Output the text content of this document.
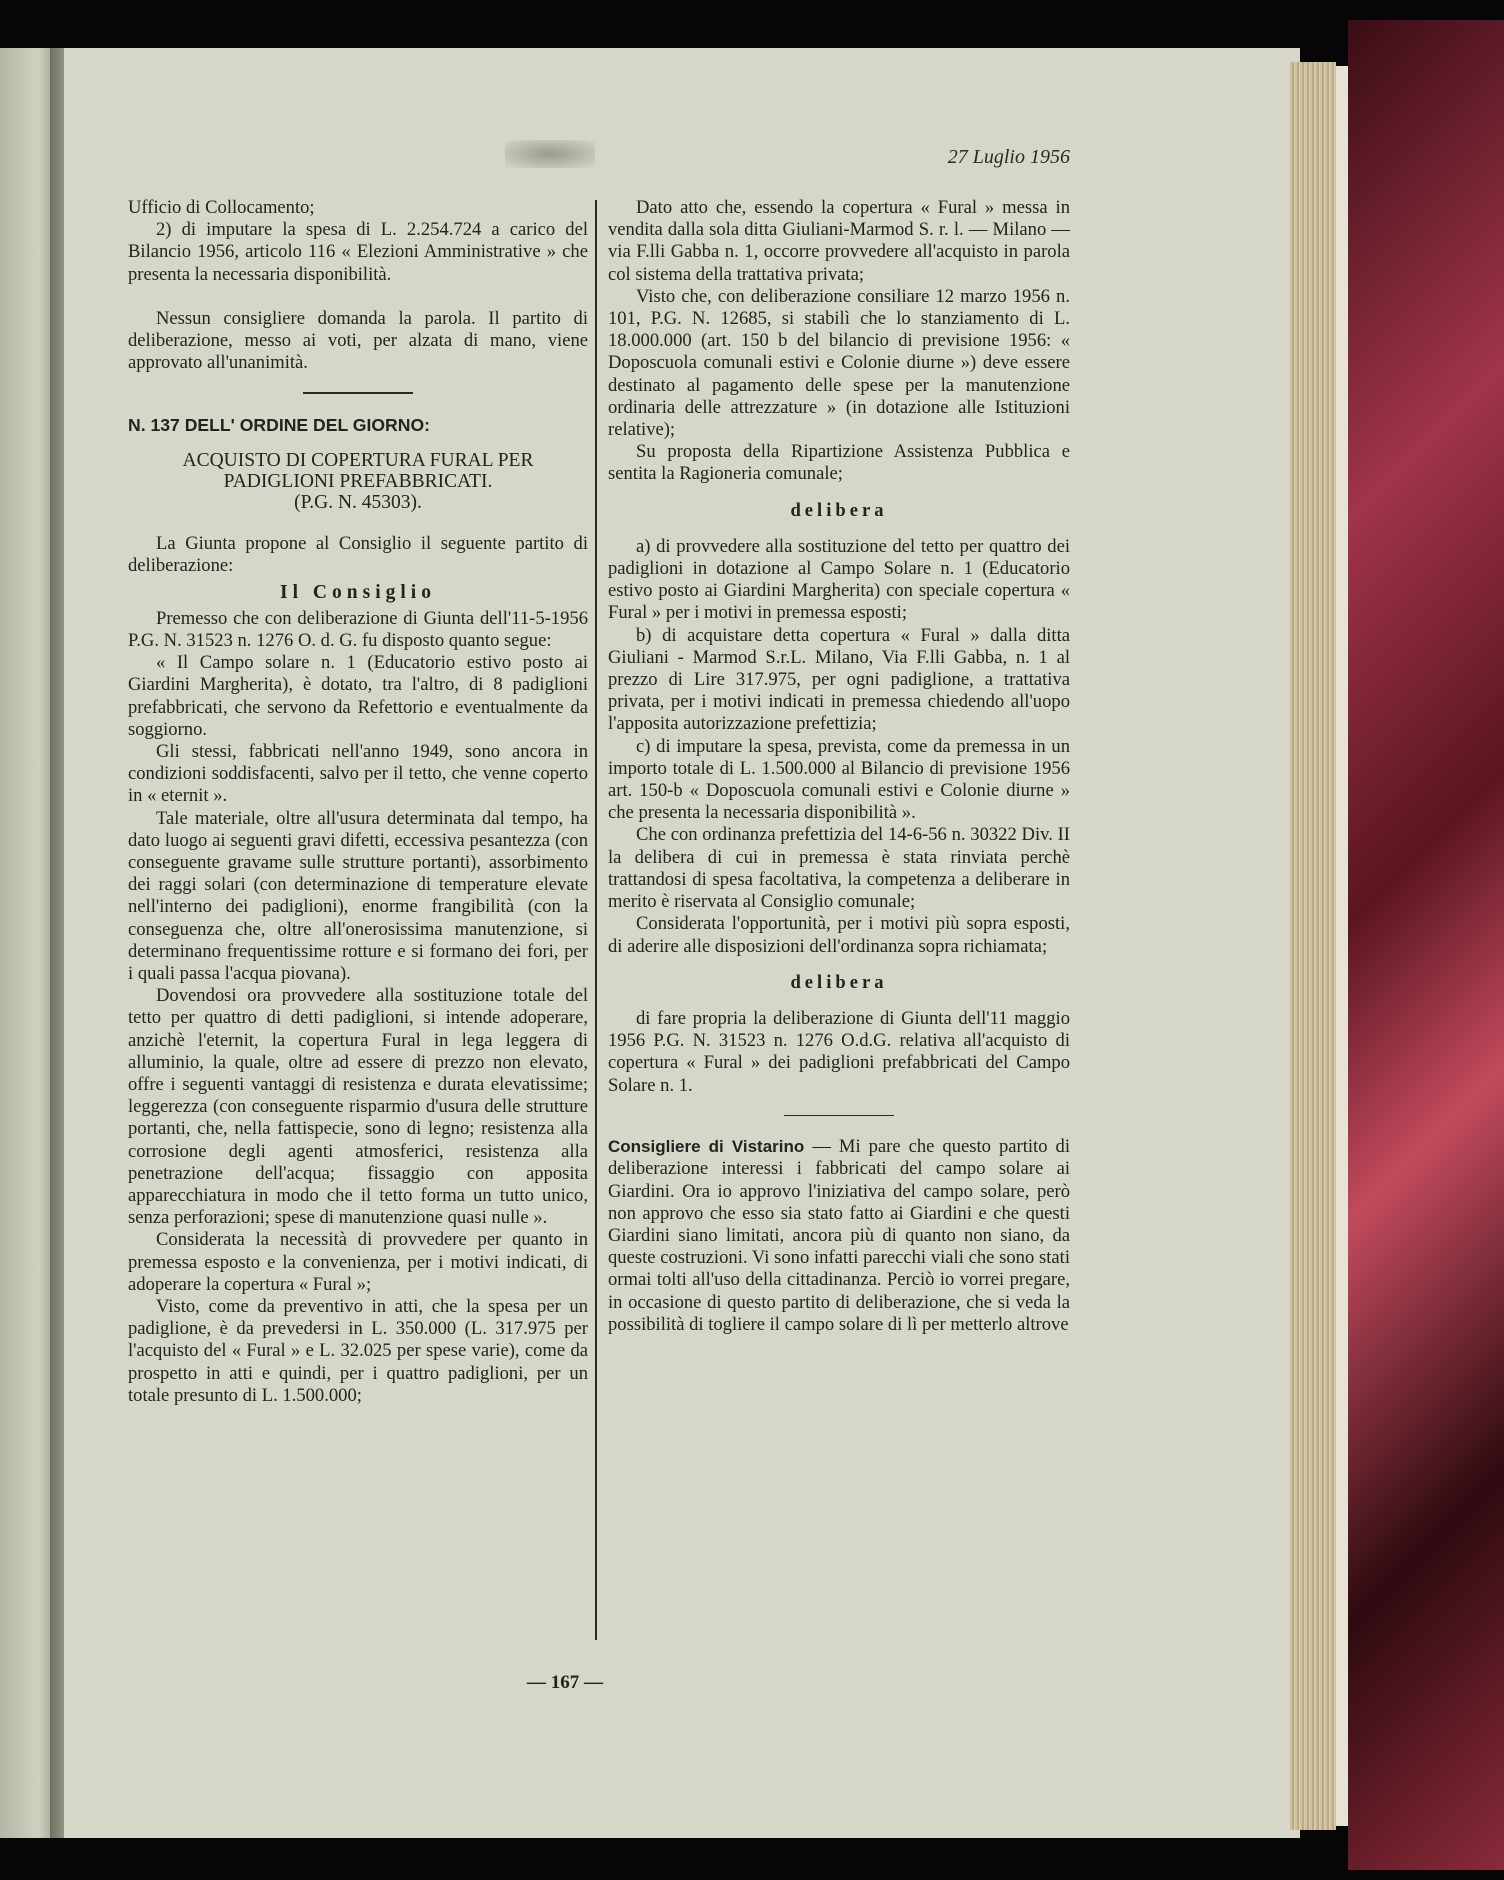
27 Luglio 1956

Ufficio di Collocamento;

2) di imputare la spesa di L. 2.254.724 a carico del Bilancio 1956, articolo 116 « Elezioni Amministrative » che presenta la necessaria disponibilità.

Nessun consigliere domanda la parola. Il partito di deliberazione, messo ai voti, per alzata di mano, viene approvato all'unanimità.

N. 137 DELL' ORDINE DEL GIORNO:

ACQUISTO DI COPERTURA FURAL PER
PADIGLIONI PREFABBRICATI.
(P.G. N. 45303).

La Giunta propone al Consiglio il seguente partito di deliberazione:

Il Consiglio

Premesso che con deliberazione di Giunta dell'11-5-1956 P.G. N. 31523 n. 1276 O. d. G. fu disposto quanto segue:

« Il Campo solare n. 1 (Educatorio estivo posto ai Giardini Margherita), è dotato, tra l'altro, di 8 padiglioni prefabbricati, che servono da Refettorio e eventualmente da soggiorno.

Gli stessi, fabbricati nell'anno 1949, sono ancora in condizioni soddisfacenti, salvo per il tetto, che venne coperto in « eternit ».

Tale materiale, oltre all'usura determinata dal tempo, ha dato luogo ai seguenti gravi difetti, eccessiva pesantezza (con conseguente gravame sulle strutture portanti), assorbimento dei raggi solari (con determinazione di temperature elevate nell'interno dei padiglioni), enorme frangibilità (con la conseguenza che, oltre all'onerosissima manutenzione, si determinano frequentissime rotture e si formano dei fori, per i quali passa l'acqua piovana).

Dovendosi ora provvedere alla sostituzione totale del tetto per quattro di detti padiglioni, si intende adoperare, anzichè l'eternit, la copertura Fural in lega leggera di alluminio, la quale, oltre ad essere di prezzo non elevato, offre i seguenti vantaggi di resistenza e durata elevatissime; leggerezza (con conseguente risparmio d'usura delle strutture portanti, che, nella fattispecie, sono di legno; resistenza alla corrosione degli agenti atmosferici, resistenza alla penetrazione dell'acqua; fissaggio con apposita apparecchiatura in modo che il tetto forma un tutto unico, senza perforazioni; spese di manutenzione quasi nulle ».

Considerata la necessità di provvedere per quanto in premessa esposto e la convenienza, per i motivi indicati, di adoperare la copertura « Fural »;

Visto, come da preventivo in atti, che la spesa per un padiglione, è da prevedersi in L. 350.000 (L. 317.975 per l'acquisto del « Fural » e L. 32.025 per spese varie), come da prospetto in atti e quindi, per i quattro padiglioni, per un totale presunto di L. 1.500.000;

Dato atto che, essendo la copertura « Fural » messa in vendita dalla sola ditta Giuliani-Marmod S. r. l. — Milano — via F.lli Gabba n. 1, occorre provvedere all'acquisto in parola col sistema della trattativa privata;

Visto che, con deliberazione consiliare 12 marzo 1956 n. 101, P.G. N. 12685, si stabilì che lo stanziamento di L. 18.000.000 (art. 150 b del bilancio di previsione 1956: « Doposcuola comunali estivi e Colonie diurne ») deve essere destinato al pagamento delle spese per la manutenzione ordinaria delle attrezzature » (in dotazione alle Istituzioni relative);

Su proposta della Ripartizione Assistenza Pubblica e sentita la Ragioneria comunale;

delibera

a) di provvedere alla sostituzione del tetto per quattro dei padiglioni in dotazione al Campo Solare n. 1 (Educatorio estivo posto ai Giardini Margherita) con speciale copertura « Fural » per i motivi in premessa esposti;

b) di acquistare detta copertura « Fural » dalla ditta Giuliani - Marmod S.r.L. Milano, Via F.lli Gabba, n. 1 al prezzo di Lire 317.975, per ogni padiglione, a trattativa privata, per i motivi indicati in premessa chiedendo all'uopo l'apposita autorizzazione prefettizia;

c) di imputare la spesa, prevista, come da premessa in un importo totale di L. 1.500.000 al Bilancio di previsione 1956 art. 150-b « Doposcuola comunali estivi e Colonie diurne » che presenta la necessaria disponibilità ».

Che con ordinanza prefettizia del 14-6-56 n. 30322 Div. II la delibera di cui in premessa è stata rinviata perchè trattandosi di spesa facoltativa, la competenza a deliberare in merito è riservata al Consiglio comunale;

Considerata l'opportunità, per i motivi più sopra esposti, di aderire alle disposizioni dell'ordinanza sopra richiamata;

delibera

di fare propria la deliberazione di Giunta dell'11 maggio 1956 P.G. N. 31523 n. 1276 O.d.G. relativa all'acquisto di copertura « Fural » dei padiglioni prefabbricati del Campo Solare n. 1.

Consigliere di Vistarino — Mi pare che questo partito di deliberazione interessi i fabbricati del campo solare ai Giardini. Ora io approvo l'iniziativa del campo solare, però non approvo che esso sia stato fatto ai Giardini e che questi Giardini siano limitati, ancora più di quanto non siano, da queste costruzioni. Vi sono infatti parecchi viali che sono stati ormai tolti all'uso della cittadinanza. Perciò io vorrei pregare, in occasione di questo partito di deliberazione, che si veda la possibilità di togliere il campo solare di lì per metterlo altrove

— 167 —
